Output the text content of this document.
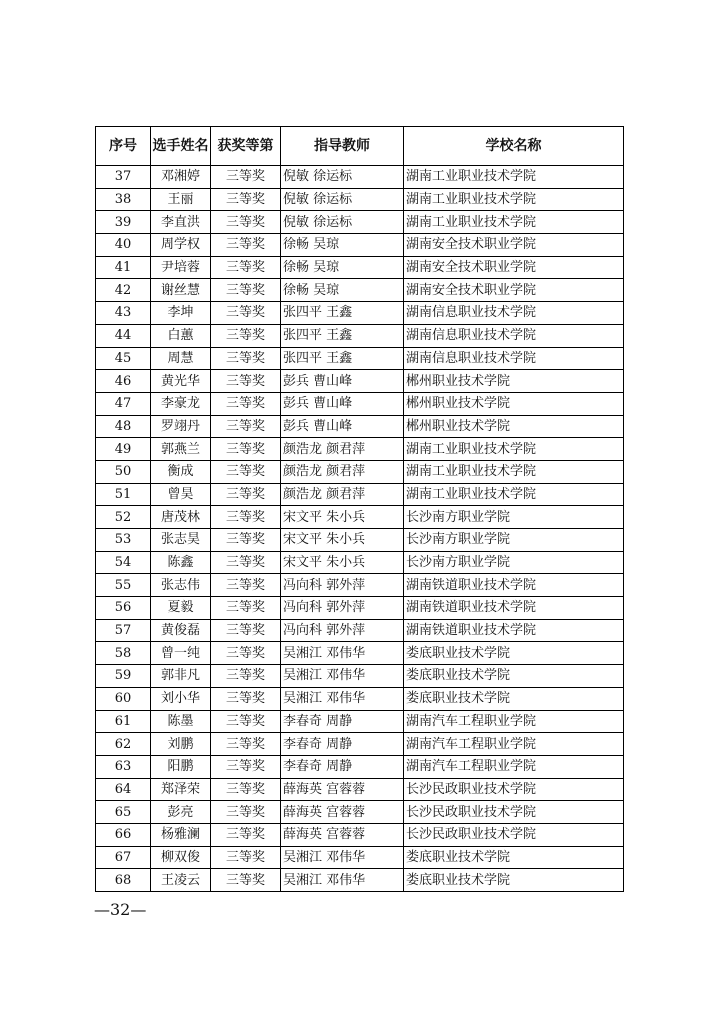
序号	选手姓名	获奖等第	指导教师	学校名称
37	邓湘婷	三等奖	倪敏 徐运标	湖南工业职业技术学院
38	王丽	三等奖	倪敏 徐运标	湖南工业职业技术学院
39	李直洪	三等奖	倪敏 徐运标	湖南工业职业技术学院
40	周学权	三等奖	徐畅 吴琼	湖南安全技术职业学院
41	尹培蓉	三等奖	徐畅 吴琼	湖南安全技术职业学院
42	谢丝慧	三等奖	徐畅 吴琼	湖南安全技术职业学院
43	李坤	三等奖	张四平 王鑫	湖南信息职业技术学院
44	白蕙	三等奖	张四平 王鑫	湖南信息职业技术学院
45	周慧	三等奖	张四平 王鑫	湖南信息职业技术学院
46	黄光华	三等奖	彭兵 曹山峰	郴州职业技术学院
47	李豪龙	三等奖	彭兵 曹山峰	郴州职业技术学院
48	罗翊丹	三等奖	彭兵 曹山峰	郴州职业技术学院
49	郭燕兰	三等奖	颜浩龙 颜君萍	湖南工业职业技术学院
50	衡成	三等奖	颜浩龙 颜君萍	湖南工业职业技术学院
51	曾昊	三等奖	颜浩龙 颜君萍	湖南工业职业技术学院
52	唐茂林	三等奖	宋文平 朱小兵	长沙南方职业学院
53	张志昊	三等奖	宋文平 朱小兵	长沙南方职业学院
54	陈鑫	三等奖	宋文平 朱小兵	长沙南方职业学院
55	张志伟	三等奖	冯向科 郭外萍	湖南铁道职业技术学院
56	夏毅	三等奖	冯向科 郭外萍	湖南铁道职业技术学院
57	黄俊磊	三等奖	冯向科 郭外萍	湖南铁道职业技术学院
58	曾一纯	三等奖	吴湘江 邓伟华	娄底职业技术学院
59	郭非凡	三等奖	吴湘江 邓伟华	娄底职业技术学院
60	刘小华	三等奖	吴湘江 邓伟华	娄底职业技术学院
61	陈墨	三等奖	李春奇 周静	湖南汽车工程职业学院
62	刘鹏	三等奖	李春奇 周静	湖南汽车工程职业学院
63	阳鹏	三等奖	李春奇 周静	湖南汽车工程职业学院
64	郑泽荣	三等奖	薛海英 宫蓉蓉	长沙民政职业技术学院
65	彭亮	三等奖	薛海英 宫蓉蓉	长沙民政职业技术学院
66	杨雅澜	三等奖	薛海英 宫蓉蓉	长沙民政职业技术学院
67	柳双俊	三等奖	吴湘江 邓伟华	娄底职业技术学院
68	王凌云	三等奖	吴湘江 邓伟华	娄底职业技术学院
—32—
